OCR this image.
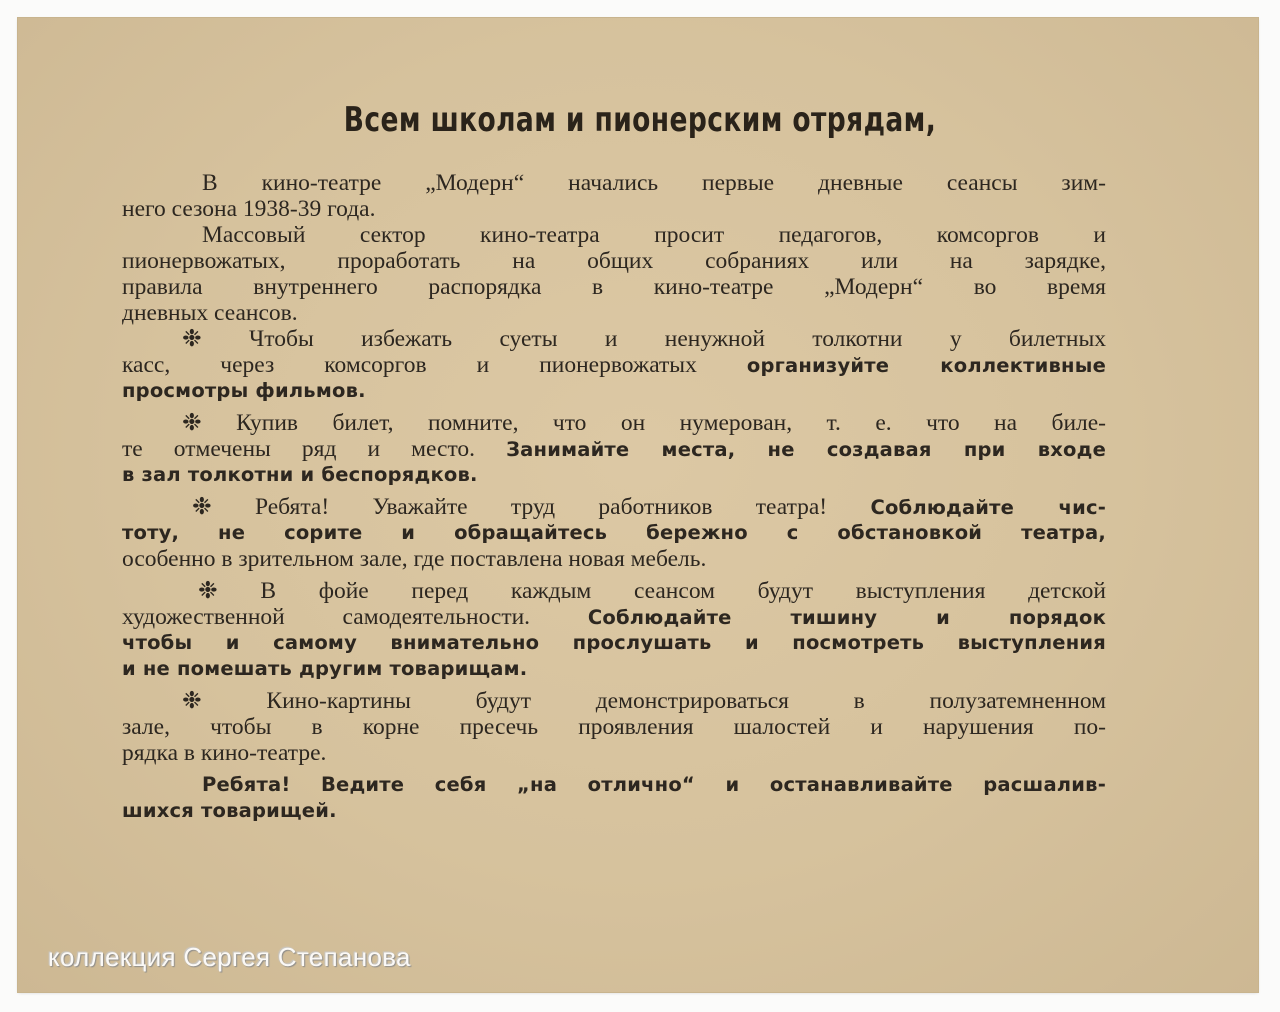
Всем школам и пионерским отрядам,
В кино-театре „Модерн“ начались первые дневные сеансы зим-
него сезона 1938-39 года.
Массовый сектор кино-театра просит педагогов, комсоргов и
пионервожатых, проработать на общих собраниях или на зарядке,
правила внутреннего распорядка в кино-театре „Модерн“ во время
дневных сеансов.
❉ Чтобы избежать суеты и ненужной толкотни у билетных
касс, через комсоргов и пионервожатых	организуйте коллективные
просмотры фильмов.
❉ Купив билет, помните, что он нумерован, т. е. что на биле-
те отмечены ряд и место. Занимайте места, не создавая при входе
в зал толкотни и беспорядков.
❉ Ребята! Уважайте труд работников театра! Соблюдайте чис-
тоту, не сорите и обращайтесь бережно с обстановкой театра,
особенно в зрительном зале, где поставлена новая мебель.
❉ В фойе перед каждым сеансом будут выступления детской
художественной самодеятельности.	Соблюдайте тишину и порядок
чтобы и самому внимательно прослушать и посмотреть выступления
и не помешать другим товарищам.
❉ Кино-картины будут демонстрироваться в полузатемненном
зале, чтобы в корне пресечь проявления шалостей и нарушения по-
рядка в кино-театре.
Ребята! Ведите себя „на отлично“ и останавливайте расшалив-
шихся товарищей.
коллекция Сергея Степанова
